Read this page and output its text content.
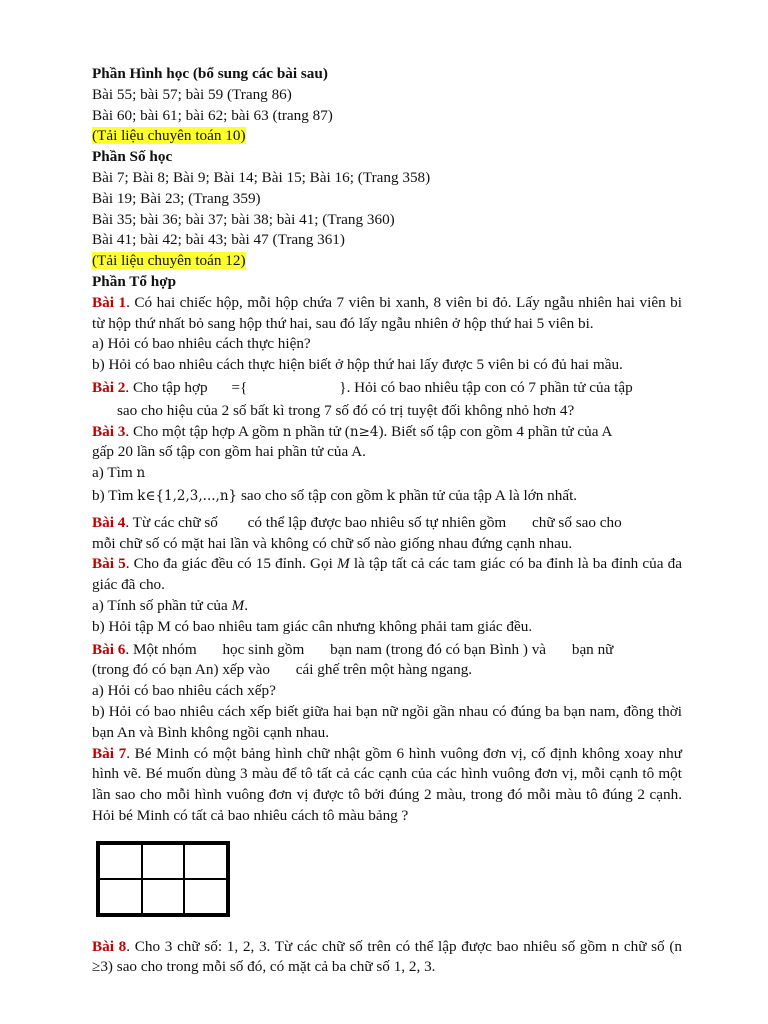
Phần Hình học (bổ sung các bài sau)
Bài 55; bài 57; bài 59 (Trang 86)
Bài 60; bài 61; bài 62; bài 63 (trang 87)
(Tải liệu chuyên toán 10)
Phần Số học
Bài 7; Bài 8; Bài 9; Bài 14; Bài 15; Bài 16; (Trang 358)
Bài 19; Bài 23; (Trang 359)
Bài 35; bài 36; bài 37; bài 38; bài 41; (Trang 360)
Bài 41; bài 42; bài 43; bài 47 (Trang 361)
(Tải liệu chuyên toán 12)
Phần Tổ hợp
Bài 1. Có hai chiếc hộp, mỗi hộp chứa 7 viên bi xanh, 8 viên bi đỏ. Lấy ngẫu nhiên hai viên bi từ hộp thứ nhất bỏ sang hộp thứ hai, sau đó lấy ngẫu nhiên ở hộp thứ hai 5 viên bi.
a) Hỏi có bao nhiêu cách thực hiện?
b) Hỏi có bao nhiêu cách thực hiện biết ở hộp thứ hai lấy được 5 viên bi có đủ hai mầu.
Bài 2. Cho tập hợp ={	}. Hỏi có bao nhiêu tập con có 7 phần tử của tập
sao cho hiệu của 2 số bất kì trong 7 số đó có trị tuyệt đối không nhỏ hơn 4?
Bài 3. Cho một tập hợp A gồm n phần tử (n≥4). Biết số tập con gồm 4 phần tử của A
gấp 20 lần số tập con gồm hai phần tử của A.
a) Tìm n
b) Tìm k∈{1,2,3,...,n} sao cho số tập con gồm k phần tử của tập A là lớn nhất.
Bài 4. Từ các chữ số có thể lập được bao nhiêu số tự nhiên gồm chữ số sao cho
mỗi chữ số có mặt hai lần và không có chữ số nào giống nhau đứng cạnh nhau.
Bài 5. Cho đa giác đều có 15 đỉnh. Gọi M là tập tất cả các tam giác có ba đỉnh là ba đỉnh của đa giác đã cho.
a) Tính số phần tử của M.
b) Hỏi tập M có bao nhiêu tam giác cân nhưng không phải tam giác đều.
Bài 6. Một nhóm học sinh gồm bạn nam (trong đó có bạn Bình ) và bạn nữ
(trong đó có bạn An) xếp vào cái ghế trên một hàng ngang.
a) Hỏi có bao nhiêu cách xếp?
b) Hỏi có bao nhiêu cách xếp biết giữa hai bạn nữ ngồi gần nhau có đúng ba bạn nam, đồng thời bạn An và Bình không ngồi cạnh nhau.
Bài 7. Bé Minh có một bảng hình chữ nhật gồm 6 hình vuông đơn vị, cố định không xoay như hình vẽ. Bé muốn dùng 3 màu để tô tất cả các cạnh của các hình vuông đơn vị, mỗi cạnh tô một lần sao cho mỗi hình vuông đơn vị được tô bởi đúng 2 màu, trong đó mỗi màu tô đúng 2 cạnh. Hỏi bé Minh có tất cả bao nhiêu cách tô màu bảng ?
Bài 8. Cho 3 chữ số: 1, 2, 3. Từ các chữ số trên có thể lập được bao nhiêu số gồm n chữ số (n ≥3) sao cho trong mỗi số đó, có mặt cả ba chữ số 1, 2, 3.
